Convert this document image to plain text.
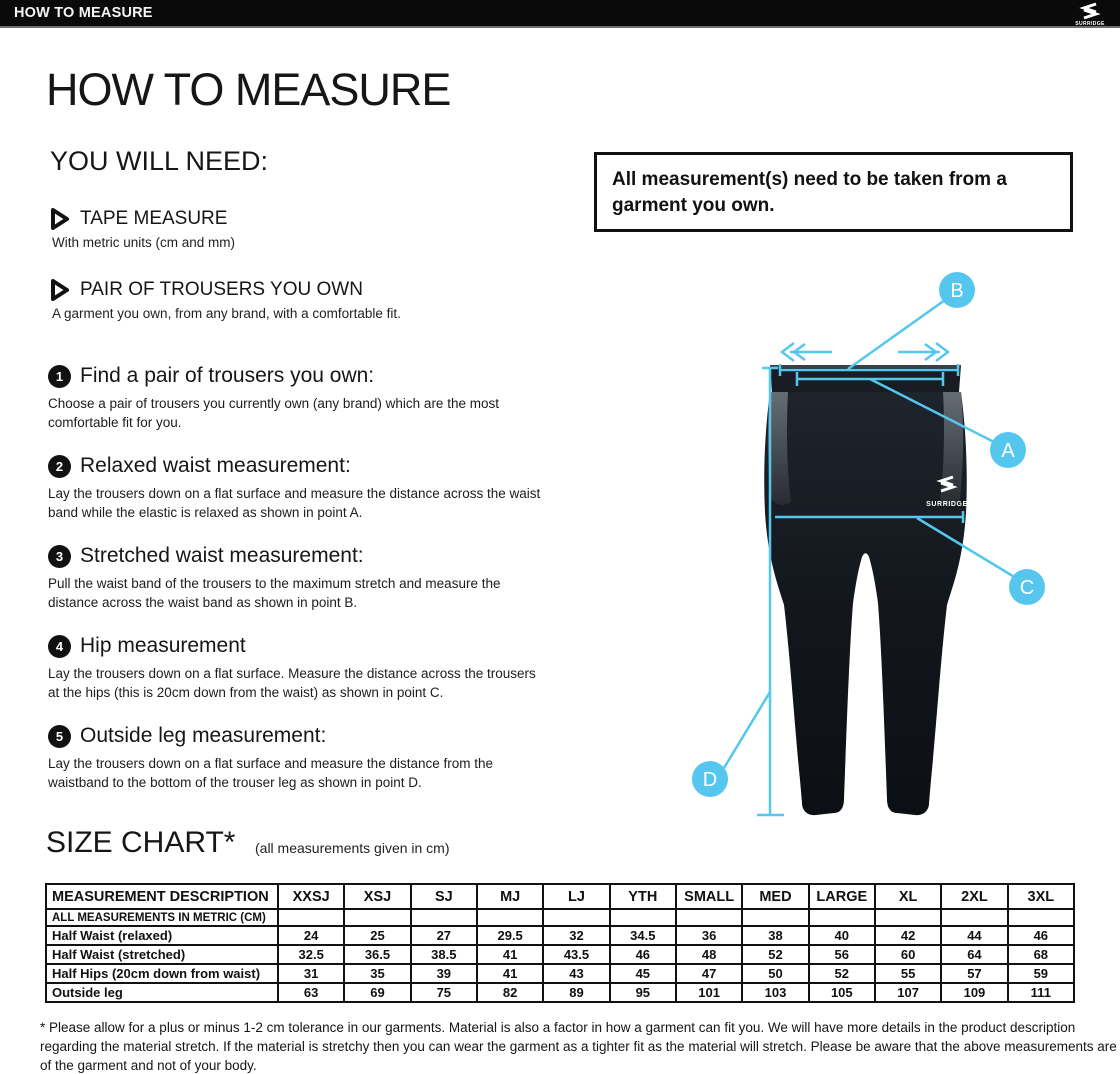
HOW TO MEASURE
SURRIDGE
HOW TO MEASURE
YOU WILL NEED:
TAPE MEASURE
With metric units (cm and mm)
PAIR OF TROUSERS YOU OWN
A garment you own, from any brand, with a comfortable fit.

All measurement(s) need to be taken from a garment you own.

1 Find a pair of trousers you own:
Choose a pair of trousers you currently own (any brand) which are the most comfortable fit for you.
2 Relaxed waist measurement:
Lay the trousers down on a flat surface and measure the distance across the waist band while the elastic is relaxed as shown in point A.
3 Stretched waist measurement:
Pull the waist band of the trousers to the maximum stretch and measure the distance across the waist band as shown in point B.
4 Hip measurement
Lay the trousers down on a flat surface. Measure the distance across the trousers at the hips (this is 20cm down from the waist) as shown in point C.
5 Outside leg measurement:
Lay the trousers down on a flat surface and measure the distance from the waistband to the bottom of the trouser leg as shown in point D.
SURRIDGE
B
A
C
D
SIZE CHART* (all measurements given in cm)
MEASUREMENT DESCRIPTION	XXSJ	XSJ	SJ	MJ	LJ	YTH	SMALL	MED	LARGE	XL	2XL	3XL
ALL MEASUREMENTS IN METRIC (CM)												
Half Waist (relaxed)	24	25	27	29.5	32	34.5	36	38	40	42	44	46
Half Waist (stretched)	32.5	36.5	38.5	41	43.5	46	48	52	56	60	64	68
Half Hips (20cm down from waist)	31	35	39	41	43	45	47	50	52	55	57	59
Outside leg	63	69	75	82	89	95	101	103	105	107	109	111
* Please allow for a plus or minus 1-2 cm tolerance in our garments. Material is also a factor in how a garment can fit you. We will have more details in the product description regarding the material stretch. If the material is stretchy then you can wear the garment as a tighter fit as the material will stretch. Please be aware that the above measurements are of the garment and not of your body.
